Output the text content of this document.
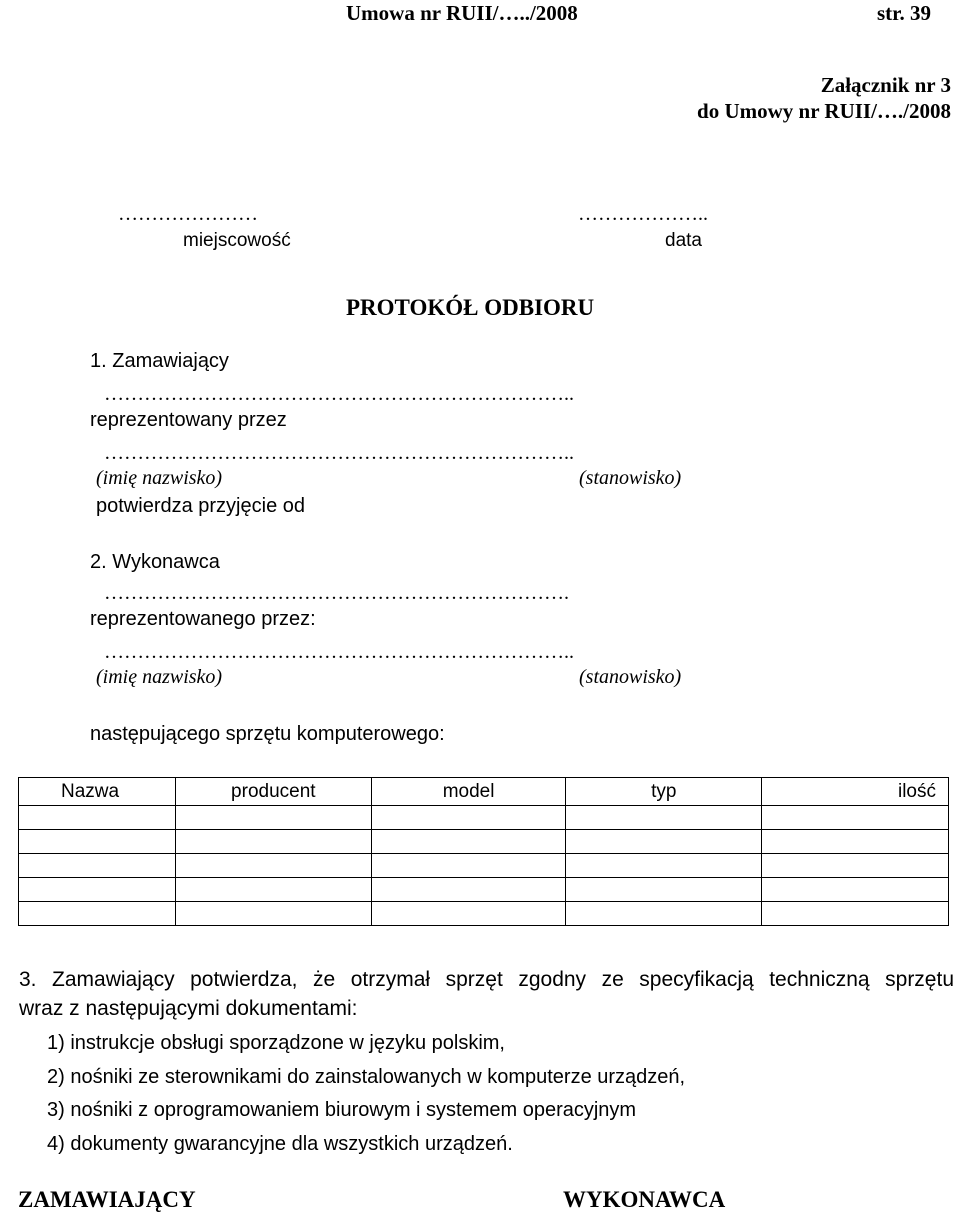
Umowa nr RUII/…../2008	str. 39
Załącznik nr 3
do Umowy nr RUII/…./2008
…………………
miejscowość
………………..
data
PROTOKÓŁ ODBIORU
1. Zamawiający
……………………………………………………………..
reprezentowany przez
……………………………………………………………..
(imię nazwisko)	(stanowisko)
potwierdza przyjęcie od
2. Wykonawca
…………………………………………………………….
reprezentowanego przez:
……………………………………………………………..
(imię nazwisko)	(stanowisko)
następującego sprzętu komputerowego:
Nazwa	producent	model	typ	ilość

3. Zamawiający potwierdza, że otrzymał sprzęt zgodny ze specyfikacją techniczną sprzętu
wraz z następującymi dokumentami:
1) instrukcje obsługi sporządzone w języku polskim,
2) nośniki ze sterownikami do zainstalowanych w komputerze urządzeń,
3) nośniki z oprogramowaniem biurowym i systemem operacyjnym
4) dokumenty gwarancyjne dla wszystkich urządzeń.
ZAMAWIAJĄCY	WYKONAWCA
